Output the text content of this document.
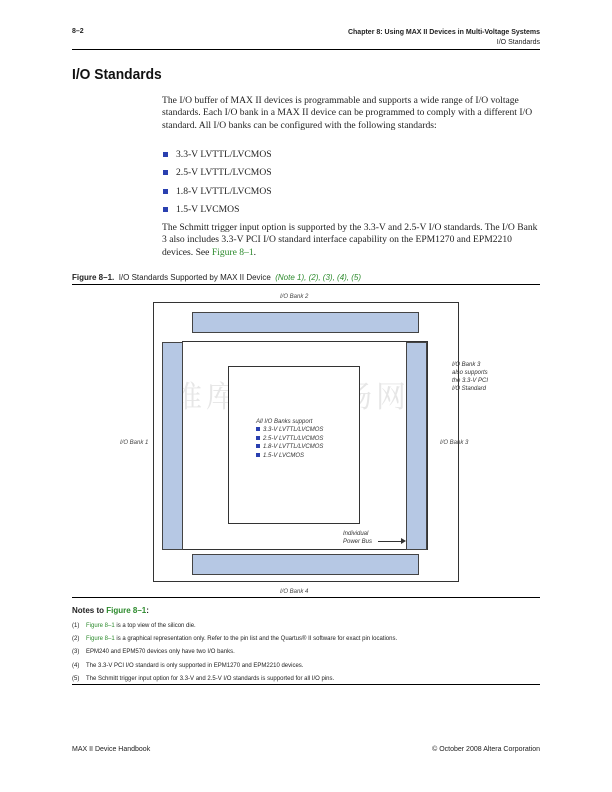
8–2	Chapter 8: Using MAX II Devices in Multi-Voltage Systems
I/O Standards
I/O Standards
The I/O buffer of MAX II devices is programmable and supports a wide range of I/O voltage standards. Each I/O bank in a MAX II device can be programmed to comply with a different I/O standard. All I/O banks can be configured with the following standards:
3.3-V LVTTL/LVCMOS
2.5-V LVTTL/LVCMOS
1.8-V LVTTL/LVCMOS
1.5-V LVCMOS
The Schmitt trigger input option is supported by the 3.3-V and 2.5-V I/O standards. The I/O Bank 3 also includes 3.3-V PCI I/O standard interface capability on the EPM1270 and EPM2210 devices. See Figure 8–1.
Figure 8–1. I/O Standards Supported by MAX II Device (Note 1), (2), (3), (4), (5)
I/O Bank 2
I/O Bank 4
I/O Bank 1	I/O Bank 3
I/O Bank 3
also supports
the 3.3-V PCI
I/O Standard
All I/O Banks support
3.3-V LVTTL/LVCMOS
2.5-V LVTTL/LVCMOS
1.8-V LVTTL/LVCMOS
1.5-V LVCMOS
Individual
Power Bus
Notes to Figure 8–1:
(1) Figure 8–1 is a top view of the silicon die.
(2) Figure 8–1 is a graphical representation only. Refer to the pin list and the Quartus® II software for exact pin locations.
(3) EPM240 and EPM570 devices only have two I/O banks.
(4) The 3.3-V PCI I/O standard is only supported in EPM1270 and EPM2210 devices.
(5) The Schmitt trigger input option for 3.3-V and 2.5-V I/O standards is supported for all I/O pins.
MAX II Device Handbook	© October 2008 Altera Corporation
